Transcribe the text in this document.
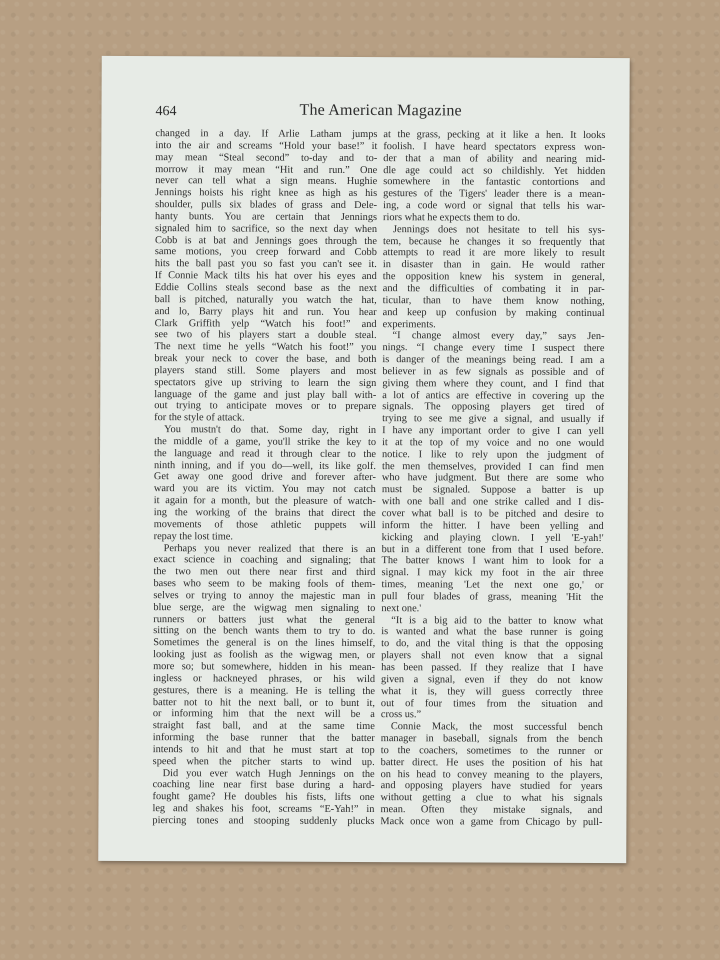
464	The American Magazine
changed in a day. If Arlie Latham jumps
into the air and screams “Hold your base!” it
may mean “Steal second” to-day and to-
morrow it may mean “Hit and run.” One
never can tell what a sign means. Hughie
Jennings hoists his right knee as high as his
shoulder, pulls six blades of grass and Dele-
hanty bunts. You are certain that Jennings
signaled him to sacrifice, so the next day when
Cobb is at bat and Jennings goes through the
same motions, you creep forward and Cobb
hits the ball past you so fast you can't see it.
If Connie Mack tilts his hat over his eyes and
Eddie Collins steals second base as the next
ball is pitched, naturally you watch the hat,
and lo, Barry plays hit and run. You hear
Clark Griffith yelp “Watch his foot!” and
see two of his players start a double steal.
The next time he yells “Watch his foot!” you
break your neck to cover the base, and both
players stand still. Some players and most
spectators give up striving to learn the sign
language of the game and just play ball with-
out trying to anticipate moves or to prepare
for the style of attack.
You mustn't do that. Some day, right in
the middle of a game, you'll strike the key to
the language and read it through clear to the
ninth inning, and if you do—well, its like golf.
Get away one good drive and forever after-
ward you are its victim. You may not catch
it again for a month, but the pleasure of watch-
ing the working of the brains that direct the
movements of those athletic puppets will
repay the lost time.
Perhaps you never realized that there is an
exact science in coaching and signaling; that
the two men out there near first and third
bases who seem to be making fools of them-
selves or trying to annoy the majestic man in
blue serge, are the wigwag men signaling to
runners or batters just what the general
sitting on the bench wants them to try to do.
Sometimes the general is on the lines himself,
looking just as foolish as the wigwag men, or
more so; but somewhere, hidden in his mean-
ingless or hackneyed phrases, or his wild
gestures, there is a meaning. He is telling the
batter not to hit the next ball, or to bunt it,
or informing him that the next will be a
straight fast ball, and at the same time
informing the base runner that the batter
intends to hit and that he must start at top
speed when the pitcher starts to wind up.
Did you ever watch Hugh Jennings on the
coaching line near first base during a hard-
fought game? He doubles his fists, lifts one
leg and shakes his foot, screams “E-Yah!” in
piercing tones and stooping suddenly plucks
at the grass, pecking at it like a hen. It looks
foolish. I have heard spectators express won-
der that a man of ability and nearing mid-
dle age could act so childishly. Yet hidden
somewhere in the fantastic contortions and
gestures of the Tigers' leader there is a mean-
ing, a code word or signal that tells his war-
riors what he expects them to do.
Jennings does not hesitate to tell his sys-
tem, because he changes it so frequently that
attempts to read it are more likely to result
in disaster than in gain. He would rather
the opposition knew his system in general,
and the difficulties of combating it in par-
ticular, than to have them know nothing,
and keep up confusion by making continual
experiments.
“I change almost every day,” says Jen-
nings. “I change every time I suspect there
is danger of the meanings being read. I am a
believer in as few signals as possible and of
giving them where they count, and I find that
a lot of antics are effective in covering up the
signals. The opposing players get tired of
trying to see me give a signal, and usually if
I have any important order to give I can yell
it at the top of my voice and no one would
notice. I like to rely upon the judgment of
the men themselves, provided I can find men
who have judgment. But there are some who
must be signaled. Suppose a batter is up
with one ball and one strike called and I dis-
cover what ball is to be pitched and desire to
inform the hitter. I have been yelling and
kicking and playing clown. I yell 'E-yah!'
but in a different tone from that I used before.
The batter knows I want him to look for a
signal. I may kick my foot in the air three
times, meaning 'Let the next one go,' or
pull four blades of grass, meaning 'Hit the
next one.'
“It is a big aid to the batter to know what
is wanted and what the base runner is going
to do, and the vital thing is that the opposing
players shall not even know that a signal
has been passed. If they realize that I have
given a signal, even if they do not know
what it is, they will guess correctly three
out of four times from the situation and
cross us.”
Connie Mack, the most successful bench
manager in baseball, signals from the bench
to the coachers, sometimes to the runner or
batter direct. He uses the position of his hat
on his head to convey meaning to the players,
and opposing players have studied for years
without getting a clue to what his signals
mean. Often they mistake signals, and
Mack once won a game from Chicago by pull-
